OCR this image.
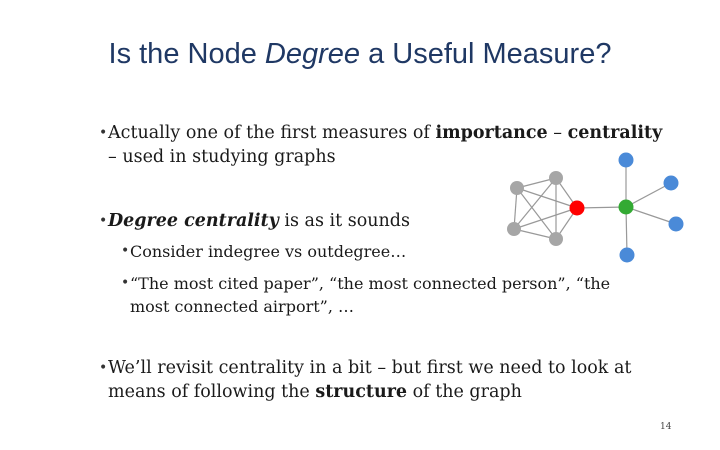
Is the Node Degree a Useful Measure?
• Actually one of the first measures of importance – centrality – used in studying graphs
• Degree centrality is as it sounds
• Consider indegree vs outdegree…
• “The most cited paper”, “the most connected person”, “the most connected airport”, …
• We’ll revisit centrality in a bit – but first we need to look at means of following the structure of the graph
14
